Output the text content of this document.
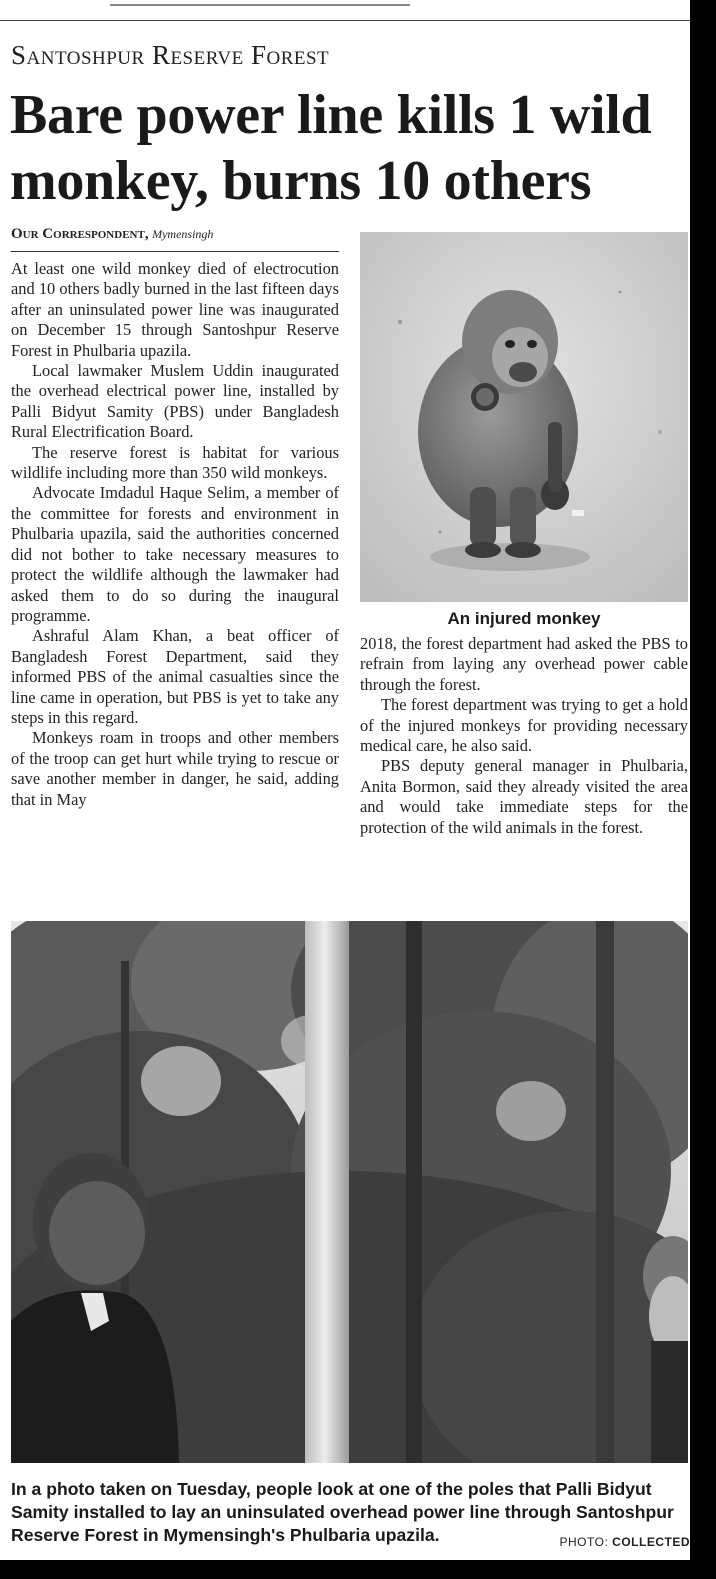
Santoshpur Reserve Forest
Bare power line kills 1 wild monkey, burns 10 others
Our Correspondent, Mymensingh

At least one wild monkey died of electrocution and 10 others badly burned in the last fifteen days after an uninsulated power line was inaugurated on December 15 through Santoshpur Reserve Forest in Phulbaria upazila.

Local lawmaker Muslem Uddin inaugurated the overhead electrical power line, installed by Palli Bidyut Samity (PBS) under Bangladesh Rural Electrification Board.

The reserve forest is habitat for various wildlife including more than 350 wild monkeys.

Advocate Imdadul Haque Selim, a member of the committee for forests and environment in Phulbaria upazila, said the authorities concerned did not bother to take necessary measures to protect the wildlife although the lawmaker had asked them to do so during the inaugural programme.

Ashraful Alam Khan, a beat officer of Bangladesh Forest Department, said they informed PBS of the animal casualties since the line came in operation, but PBS is yet to take any steps in this regard.

Monkeys roam in troops and other members of the troop can get hurt while trying to rescue or save another member in danger, he said, adding that in May

An injured monkey

2018, the forest department had asked the PBS to refrain from laying any overhead power cable through the forest.

The forest department was trying to get a hold of the injured monkeys for providing necessary medical care, he also said.

PBS deputy general manager in Phulbaria, Anita Bormon, said they already visited the area and would take immediate steps for the protection of the wild animals in the forest.

In a photo taken on Tuesday, people look at one of the poles that Palli Bidyut Samity installed to lay an uninsulated overhead power line through Santoshpur Reserve Forest in Mymensingh's Phulbaria upazila.	PHOTO: COLLECTED
